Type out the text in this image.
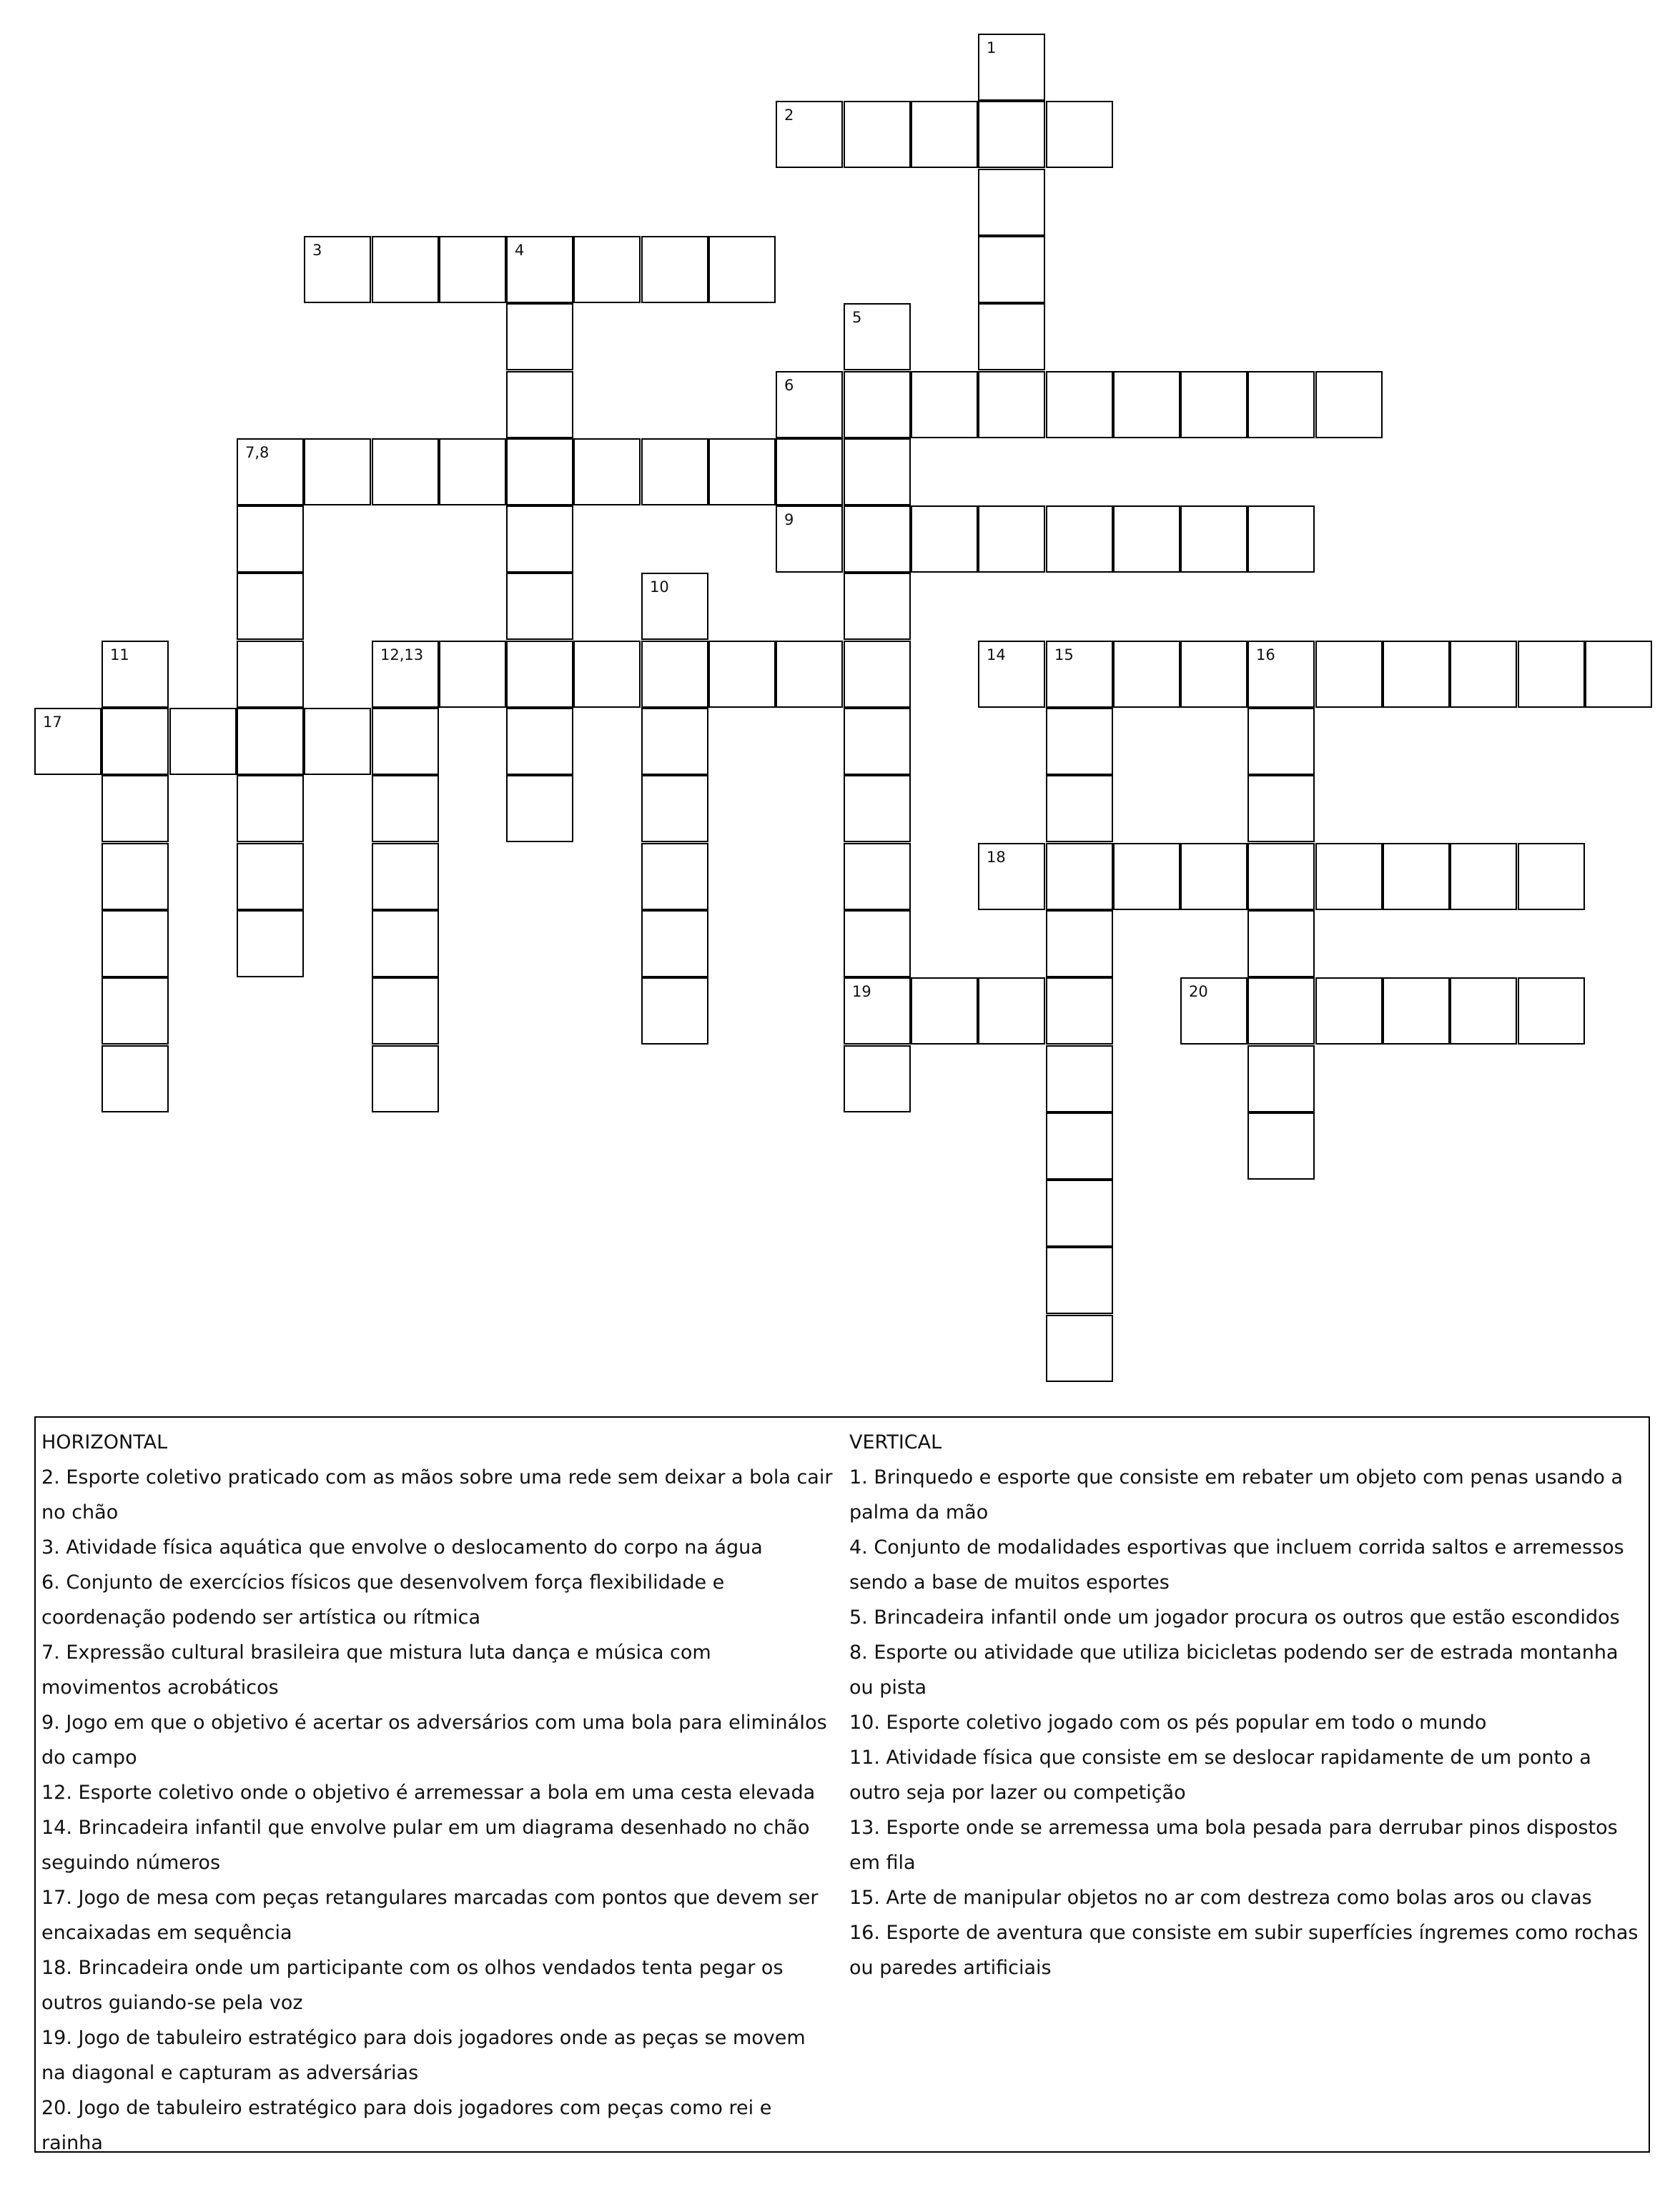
1
2
3	4
5
19
6
7,8
9
10
11	12,13	14	15	16
17
18
20

HORIZONTAL

2. Esporte coletivo praticado com as mãos sobre uma rede sem deixar a bola cair no chão

3. Atividade física aquática que envolve o deslocamento do corpo na água

6. Conjunto de exercícios físicos que desenvolvem força flexibilidade e coordenação podendo ser artística ou rítmica

7. Expressão cultural brasileira que mistura luta dança e música com movimentos acrobáticos

9. Jogo em que o objetivo é acertar os adversários com uma bola para elimináIos do campo

12. Esporte coletivo onde o objetivo é arremessar a bola em uma cesta elevada

14. Brincadeira infantil que envolve pular em um diagrama desenhado no chão seguindo números

17. Jogo de mesa com peças retangulares marcadas com pontos que devem ser encaixadas em sequência

18. Brincadeira onde um participante com os olhos vendados tenta pegar os outros guiando-se pela voz

19. Jogo de tabuleiro estratégico para dois jogadores onde as peças se movem na diagonal e capturam as adversárias

20. Jogo de tabuleiro estratégico para dois jogadores com peças como rei e rainha

VERTICAL

1. Brinquedo e esporte que consiste em rebater um objeto com penas usando a palma da mão

4. Conjunto de modalidades esportivas que incluem corrida saltos e arremessos sendo a base de muitos esportes

5. Brincadeira infantil onde um jogador procura os outros que estão escondidos

8. Esporte ou atividade que utiliza bicicletas podendo ser de estrada montanha ou pista

10. Esporte coletivo jogado com os pés popular em todo o mundo

11. Atividade física que consiste em se deslocar rapidamente de um ponto a outro seja por lazer ou competição

13. Esporte onde se arremessa uma bola pesada para derrubar pinos dispostos em fila

15. Arte de manipular objetos no ar com destreza como bolas aros ou clavas

16. Esporte de aventura que consiste em subir superfícies íngremes como rochas ou paredes artificiais
